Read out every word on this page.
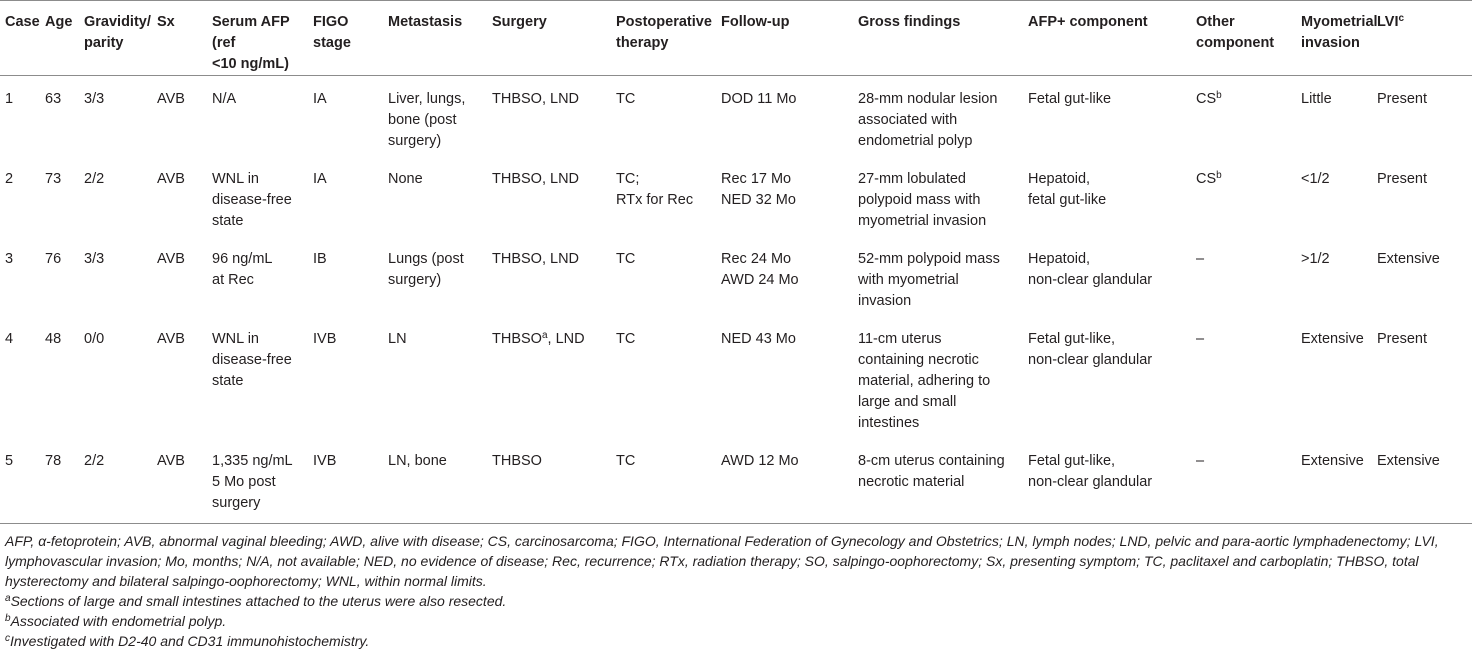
Case	Age	Gravidity/
parity	Sx	Serum AFP
(ref
<10 ng/mL)	FIGO
stage	Metastasis	Surgery	Postoperative
therapy	Follow-up	Gross findings	AFP+ component	Other
component	Myometrial
invasion	LVI$^c$
1	63	3/3	AVB	N/A	IA	Liver, lungs,
bone (post
surgery)	THBSO, LND	TC	DOD 11 Mo	28-mm nodular lesion
associated with
endometrial polyp	Fetal gut-like	$CS^b$	Little	Present
2	73	2/2	AVB	WNL in
disease-free
state	IA	None	THBSO, LND	TC;
RTx for Rec	Rec 17 Mo
NED 32 Mo	27-mm lobulated
polypoid mass with
myometrial invasion	Hepatoid,
fetal gut-like	$CS^b$	<1/2	Present
3	76	3/3	AVB	96 ng/mL
at Rec	IB	Lungs (post
surgery)	THBSO, LND	TC	Rec 24 Mo
AWD 24 Mo	52-mm polypoid mass
with myometrial
invasion	Hepatoid,
non-clear glandular	–	>1/2	Extensive
4	48	0/0	AVB	WNL in
disease-free
state	IVB	LN	THBSO$^a$, LND	TC	NED 43 Mo	11-cm uterus
containing necrotic
material, adhering to
large and small
intestines	Fetal gut-like,
non-clear glandular	–	Extensive	Present
5	78	2/2	AVB	1,335 ng/mL
5 Mo post
surgery	IVB	LN, bone	THBSO	TC	AWD 12 Mo	8-cm uterus containing
necrotic material	Fetal gut-like,
non-clear glandular	–	Extensive	Extensive

AFP, α-fetoprotein; AVB, abnormal vaginal bleeding; AWD, alive with disease; CS, carcinosarcoma; FIGO, International Federation of Gynecology and Obstetrics; LN, lymph nodes; LND, pelvic and para-aortic lymphadenectomy; LVI,
lymphovascular invasion; Mo, months; N/A, not available; NED, no evidence of disease; Rec, recurrence; RTx, radiation therapy; SO, salpingo-oophorectomy; Sx, presenting symptom; TC, paclitaxel and carboplatin; THBSO, total
hysterectomy and bilateral salpingo-oophorectomy; WNL, within normal limits.

$^a$Sections of large and small intestines attached to the uterus were also resected.

$^b$Associated with endometrial polyp.

$^c$Investigated with D2-40 and CD31 immunohistochemistry.
